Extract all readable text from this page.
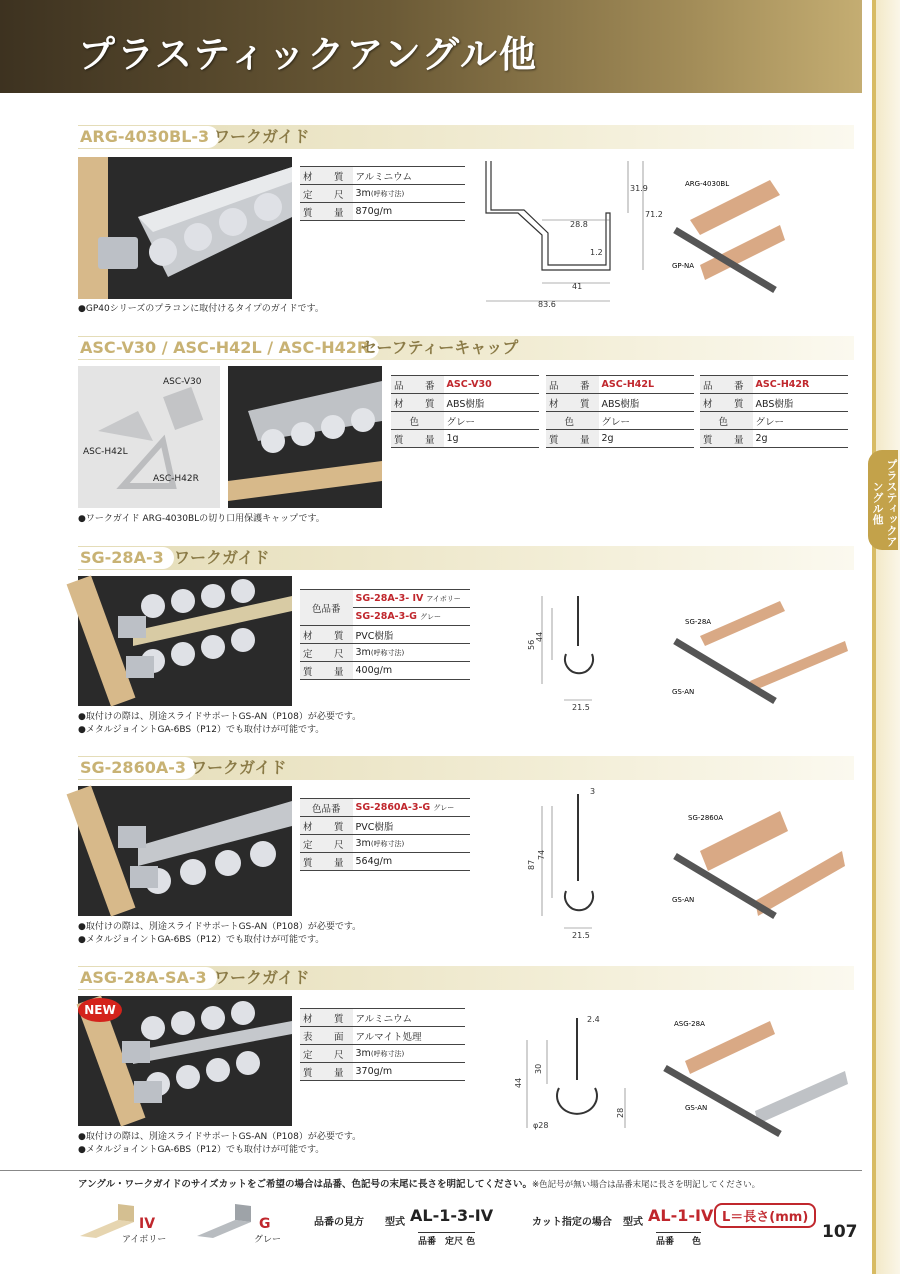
プラスティックアングル他
プラスティックアングル他
ARG-4030BL-3 ワークガイド
材　質	アルミニウム
定　尺	3m(呼称寸法)
質　量	870g/m
●GP40シリーズのプラコンに取付けるタイプのガイドです。
31.9
71.2
28.8
1.2
41
83.6
ARG-4030BL
GP-NA
ASC-V30 / ASC-H42L / ASC-H42R
セーフティーキャップ
ASC-V30
ASC-H42L
ASC-H42R
品　番	ASC-V30
材　質	ABS樹脂
色	グレー
質　量	1g
品　番	ASC-H42L
材　質	ABS樹脂
色	グレー
質　量	2g
品　番	ASC-H42R
材　質	ABS樹脂
色	グレー
質　量	2g
●ワークガイド ARG-4030BLの切り口用保護キャップです。
SG-28A-3 ワークガイド
色品番	SG-28A-3- IV アイボリー
	SG-28A-3-G グレー
材　質	PVC樹脂
定　尺	3m(呼称寸法)
質　量	400g/m
●取付けの際は、別途スライドサポートGS-AN（P108）が必要です。
●メタルジョイントGA-6BS（P12）でも取付けが可能です。
56
44
21.5
SG-28A
GS-AN
SG-2860A-3 ワークガイド
色品番	SG-2860A-3-G グレー
材　質	PVC樹脂
定　尺	3m(呼称寸法)
質　量	564g/m
●取付けの際は、別途スライドサポートGS-AN（P108）が必要です。
●メタルジョイントGA-6BS（P12）でも取付けが可能です。
3
87
74
21.5
SG-2860A
GS-AN
ASG-28A-SA-3 ワークガイド
NEW
材　質	アルミニウム
表　面	アルマイト処理
定　尺	3m(呼称寸法)
質　量	370g/m
●取付けの際は、別途スライドサポートGS-AN（P108）が必要です。
●メタルジョイントGA-6BS（P12）でも取付けが可能です。
2.4
30
44
28
φ28
ASG-28A
GS-AN
アングル・ワークガイドのサイズカットをご希望の場合は品番、色記号の末尾に長さを明記してください。※色記号が無い場合は品番末尾に長さを明記してください。
IV
アイボリー
G
グレー
品番の見方 型式 AL-1-3-IV
品番　定尺 色
カット指定の場合 型式 AL-1-IV L＝長さ(mm)
品番　　色	107
